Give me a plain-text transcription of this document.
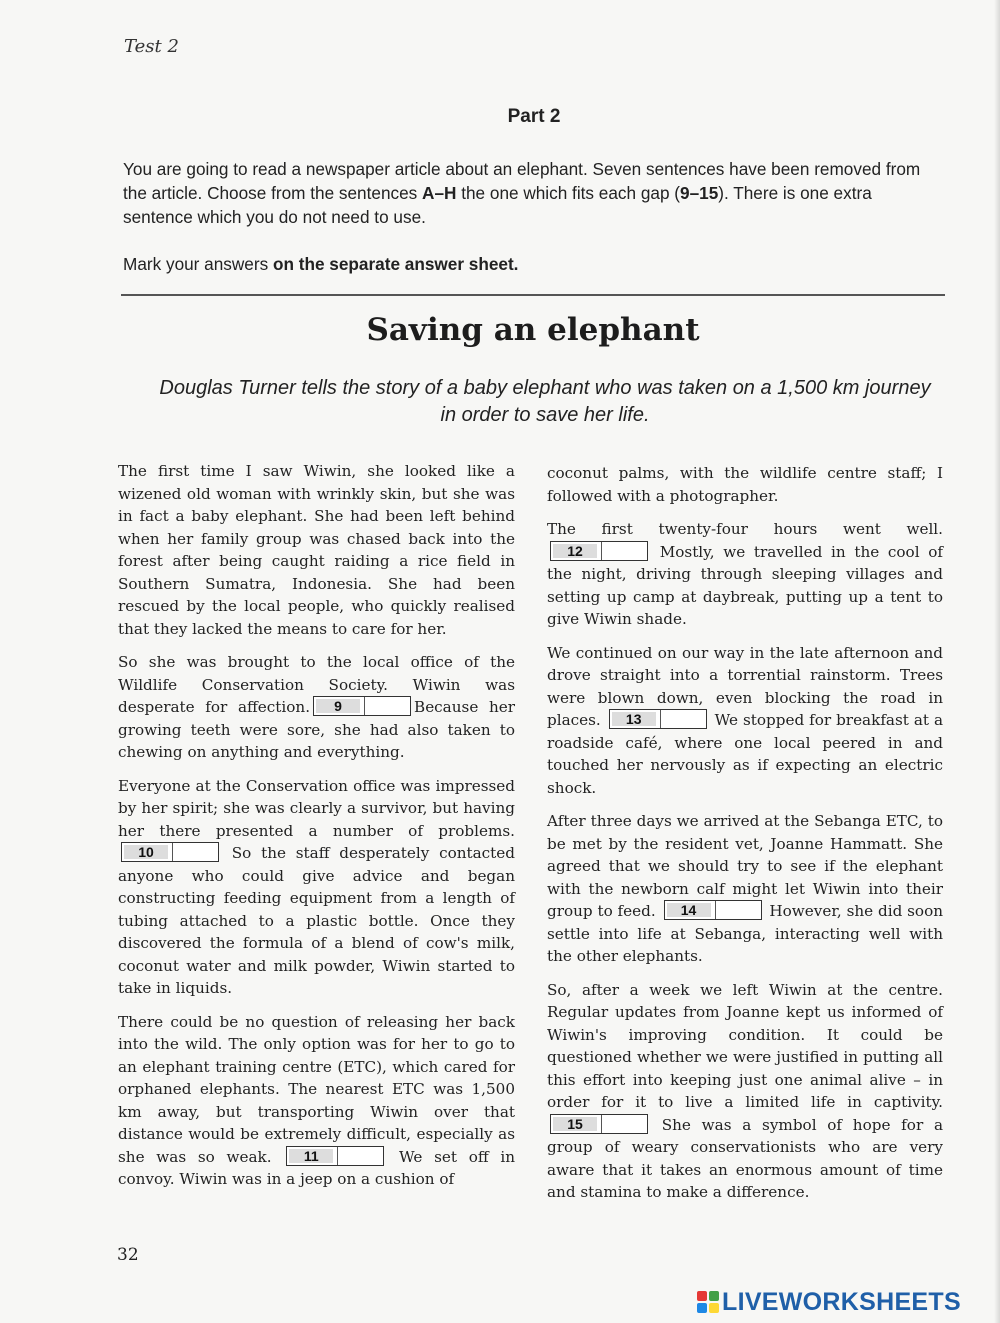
Test 2
Part 2

You are going to read a newspaper article about an elephant. Seven sentences have been removed from the article. Choose from the sentences A–H the one which fits each gap (9–15). There is one extra sentence which you do not need to use.

Mark your answers on the separate answer sheet.

Saving an elephant
Douglas Turner tells the story of a baby elephant who was taken on a 1,500 km journey in order to save her life.

The first time I saw Wiwin, she looked like a wizened old woman with wrinkly skin, but she was in fact a baby elephant. She had been left behind when her family group was chased back into the forest after being caught raiding a rice field in Southern Sumatra, Indonesia. She had been rescued by the local people, who quickly realised that they lacked the means to care for her.

So she was brought to the local office of the Wildlife Conservation Society. Wiwin was desperate for affection.	9	Because her growing teeth were sore, she had also taken to chewing on anything and everything.

Everyone at the Conservation office was impressed by her spirit; she was clearly a survivor, but having her there presented a number of problems.
10	So the staff desperately contacted anyone who could give advice and began constructing feeding equipment from a length of tubing attached to a plastic bottle. Once they discovered the formula of a blend of cow's milk, coconut water and milk powder, Wiwin started to take in liquids.

There could be no question of releasing her back into the wild. The only option was for her to go to an elephant training centre (ETC), which cared for orphaned elephants. The nearest ETC was 1,500 km away, but transporting Wiwin over that distance would be extremely difficult, especially as she was so weak.	11	We set off in convoy. Wiwin was in a jeep on a cushion of

coconut palms, with the wildlife centre staff; I followed with a photographer.

The first twenty-four hours went well.
12	Mostly, we travelled in the cool of the night, driving through sleeping villages and setting up camp at daybreak, putting up a tent to give Wiwin shade.

We continued on our way in the late afternoon and drove straight into a torrential rainstorm. Trees were blown down, even blocking the road in places.	13	We stopped for breakfast at a roadside café, where one local peered in and touched her nervously as if expecting an electric shock.

After three days we arrived at the Sebanga ETC, to be met by the resident vet, Joanne Hammatt. She agreed that we should try to see if the elephant with the newborn calf might let Wiwin into their group to feed.	14	However, she did soon settle into life at Sebanga, interacting well with the other elephants.

So, after a week we left Wiwin at the centre. Regular updates from Joanne kept us informed of Wiwin's improving condition. It could be questioned whether we were justified in putting all this effort into keeping just one animal alive – in order for it to live a limited life in captivity.
15	She was a symbol of hope for a group of weary conservationists who are very aware that it takes an enormous amount of time and stamina to make a difference.

32
LIVEWORKSHEETS
